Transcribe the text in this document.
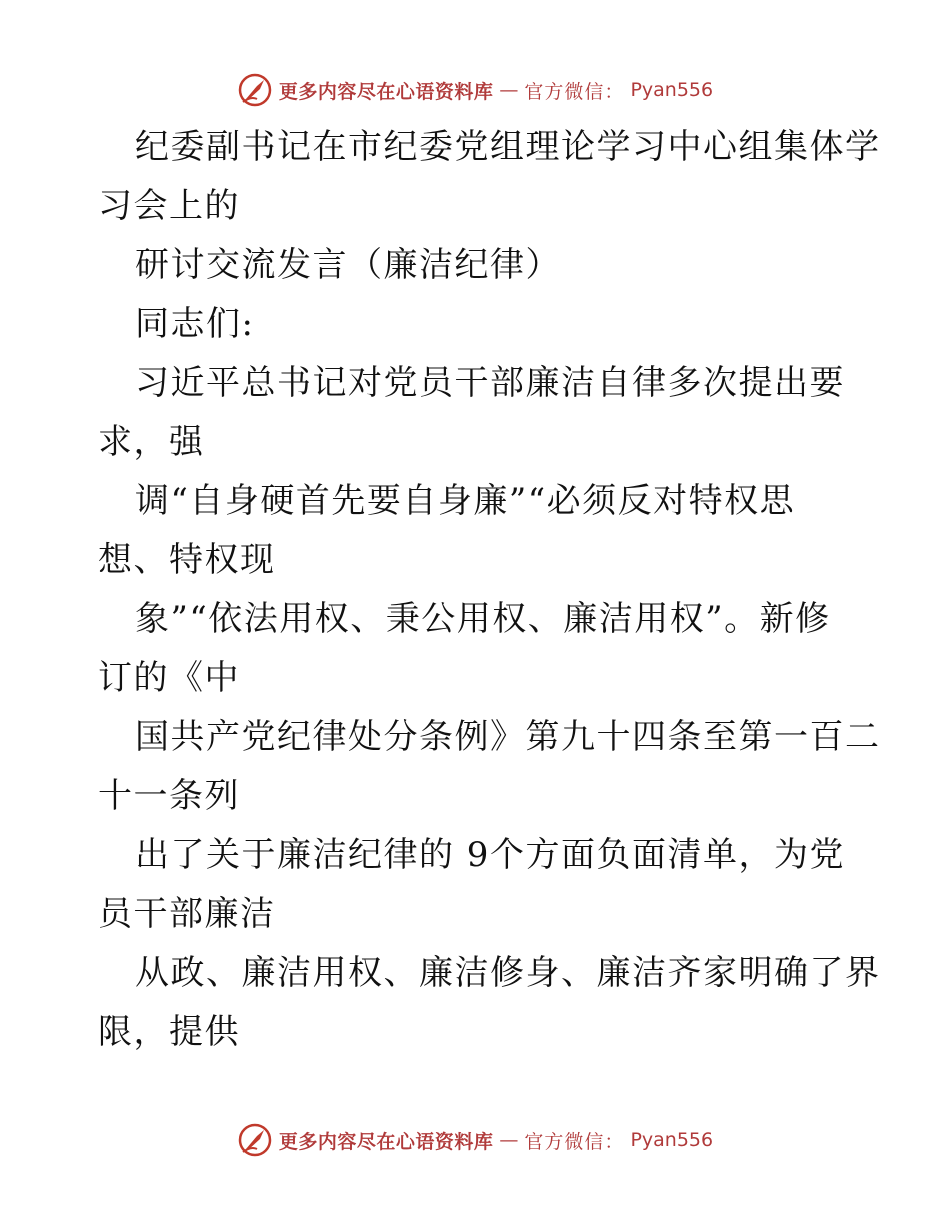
更多内容尽在心语资料库 — 官方微信： Pyan556
纪委副书记在市纪委党组理论学习中心组集体学
习会上的
研讨交流发言（廉洁纪律）
同志们:
习近平总书记对党员干部廉洁自律多次提出要
求，强
调“自身硬首先要自身廉”“必须反对特权思
想、特权现
象”“依法用权、秉公用权、廉洁用权”。新修
订的《中
国共产党纪律处分条例》第九十四条至第一百二
十一条列
出了关于廉洁纪律的 9个方面负面清单，为党
员干部廉洁
从政、廉洁用权、廉洁修身、廉洁齐家明确了界
限，提供
更多内容尽在心语资料库 — 官方微信： Pyan556
